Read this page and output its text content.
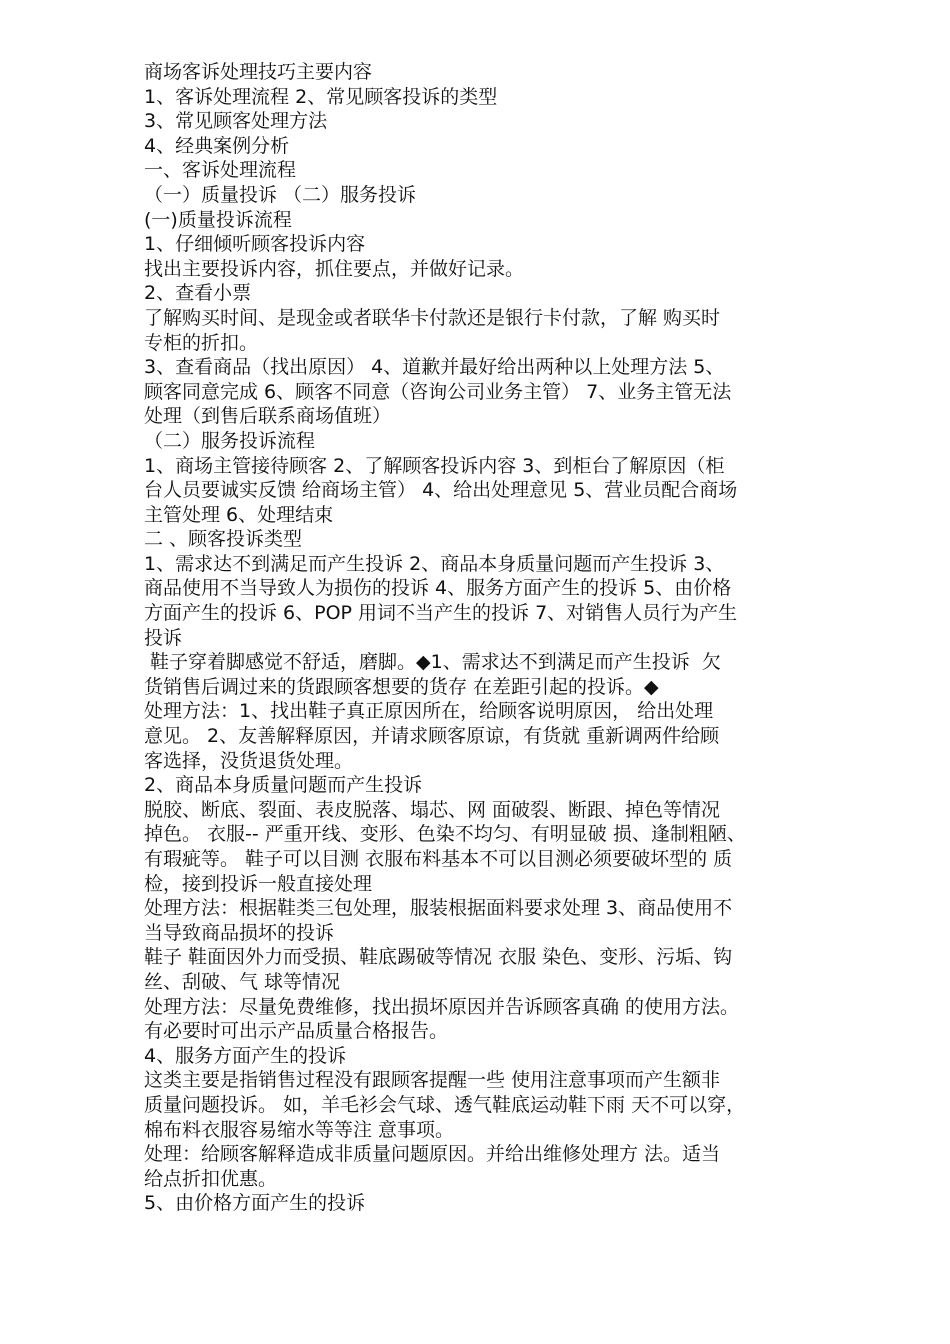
商场客诉处理技巧主要内容

1、客诉处理流程 2、常见顾客投诉的类型

3、常见顾客处理方法

4、经典案例分析

一、客诉处理流程

（一）质量投诉 （二）服务投诉

(一)质量投诉流程

1、仔细倾听顾客投诉内容

找出主要投诉内容，抓住要点，并做好记录。

2、查看小票

了解购买时间、是现金或者联华卡付款还是银行卡付款，了解 购买时

专柜的折扣。

3、查看商品（找出原因） 4、道歉并最好给出两种以上处理方法 5、

顾客同意完成 6、顾客不同意（咨询公司业务主管） 7、业务主管无法

处理（到售后联系商场值班）

（二）服务投诉流程

1、商场主管接待顾客 2、了解顾客投诉内容 3、到柜台了解原因（柜

台人员要诚实反馈 给商场主管） 4、给出处理意见 5、营业员配合商场

主管处理 6、处理结束

二 、顾客投诉类型

1、需求达不到满足而产生投诉 2、商品本身质量问题而产生投诉 3、

商品使用不当导致人为损伤的投诉 4、服务方面产生的投诉 5、由价格

方面产生的投诉 6、POP 用词不当产生的投诉 7、对销售人员行为产生

投诉

鞋子穿着脚感觉不舒适，磨脚。◆1、需求达不到满足而产生投诉  欠

货销售后调过来的货跟顾客想要的货存 在差距引起的投诉。◆

处理方法：1、找出鞋子真正原因所在，给顾客说明原因， 给出处理

意见。 2、友善解释原因，并请求顾客原谅，有货就 重新调两件给顾

客选择，没货退货处理。

2、商品本身质量问题而产生投诉

脱胶、断底、裂面、表皮脱落、塌芯、网 面破裂、断跟、掉色等情况

掉色。 衣服-- 严重开线、变形、色染不均匀、有明显破 损、逢制粗陋、

有瑕疵等。 鞋子可以目测 衣服布料基本不可以目测必须要破坏型的 质

检，接到投诉一般直接处理

处理方法：根据鞋类三包处理，服装根据面料要求处理 3、商品使用不

当导致商品损坏的投诉

鞋子 鞋面因外力而受损、鞋底踢破等情况 衣服 染色、变形、污垢、钩

丝、刮破、气 球等情况

处理方法：尽量免费维修，找出损坏原因并告诉顾客真确 的使用方法。

有必要时可出示产品质量合格报告。

4、服务方面产生的投诉

这类主要是指销售过程没有跟顾客提醒一些 使用注意事项而产生额非

质量问题投诉。 如，羊毛衫会气球、透气鞋底运动鞋下雨 天不可以穿，

棉布料衣服容易缩水等等注 意事项。

处理：给顾客解释造成非质量问题原因。并给出维修处理方 法。适当

给点折扣优惠。

5、由价格方面产生的投诉
